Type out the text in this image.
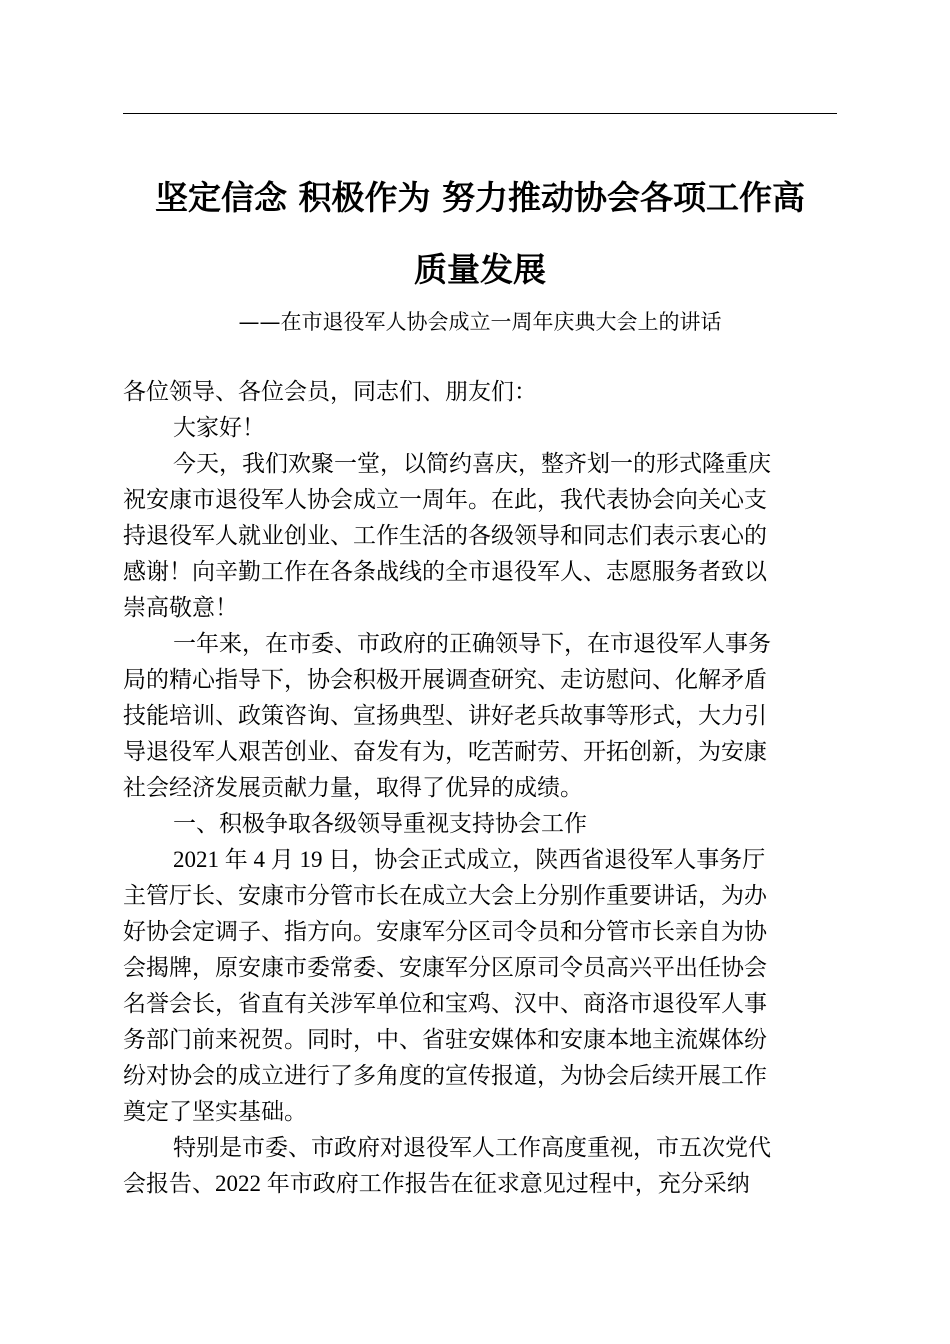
坚定信念 积极作为 努力推动协会各项工作高
质量发展
——在市退役军人协会成立一周年庆典大会上的讲话
各位领导、各位会员，同志们、朋友们：
大家好！
今天，我们欢聚一堂，以简约喜庆，整齐划一的形式隆重庆
祝安康市退役军人协会成立一周年。在此，我代表协会向关心支
持退役军人就业创业、工作生活的各级领导和同志们表示衷心的
感谢！向辛勤工作在各条战线的全市退役军人、志愿服务者致以
崇高敬意！
一年来，在市委、市政府的正确领导下，在市退役军人事务
局的精心指导下，协会积极开展调查研究、走访慰问、化解矛盾
技能培训、政策咨询、宣扬典型、讲好老兵故事等形式，大力引
导退役军人艰苦创业、奋发有为，吃苦耐劳、开拓创新，为安康
社会经济发展贡献力量，取得了优异的成绩。
一、积极争取各级领导重视支持协会工作
2021 年 4 月 19 日，协会正式成立，陕西省退役军人事务厅
主管厅长、安康市分管市长在成立大会上分别作重要讲话，为办
好协会定调子、指方向。安康军分区司令员和分管市长亲自为协
会揭牌，原安康市委常委、安康军分区原司令员高兴平出任协会
名誉会长，省直有关涉军单位和宝鸡、汉中、商洛市退役军人事
务部门前来祝贺。同时，中、省驻安媒体和安康本地主流媒体纷
纷对协会的成立进行了多角度的宣传报道，为协会后续开展工作
奠定了坚实基础。
特别是市委、市政府对退役军人工作高度重视，市五次党代
会报告、2022 年市政府工作报告在征求意见过程中，充分采纳
